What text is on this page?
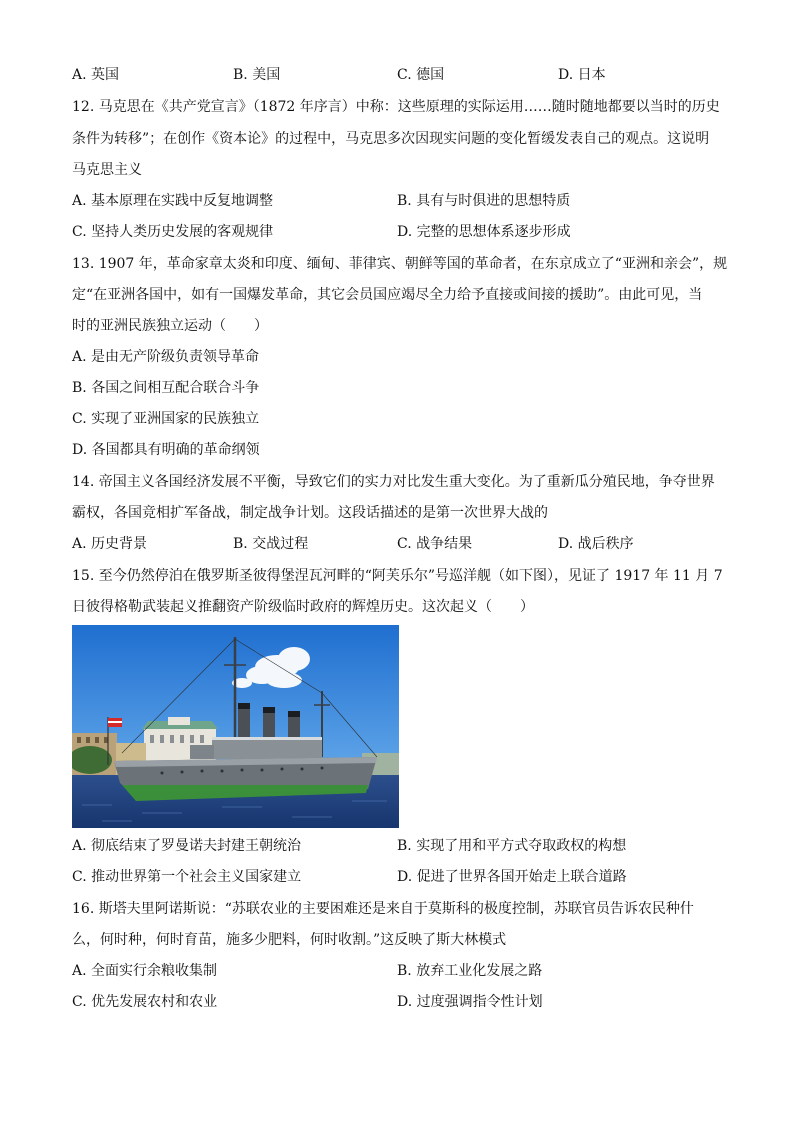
A. 英国	B. 美国	C. 德国	D. 日本
12. 马克思在《共产党宣言》（1872 年序言）中称：这些原理的实际运用……随时随地都要以当时的历史
条件为转移”；在创作《资本论》的过程中，马克思多次因现实问题的变化暂缓发表自己的观点。这说明
马克思主义
A. 基本原理在实践中反复地调整	B. 具有与时俱进的思想特质
C. 坚持人类历史发展的客观规律	D. 完整的思想体系逐步形成
13. 1907 年，革命家章太炎和印度、缅甸、菲律宾、朝鲜等国的革命者，在东京成立了“亚洲和亲会”，规
定“在亚洲各国中，如有一国爆发革命，其它会员国应竭尽全力给予直接或间接的援助”。由此可见，当
时的亚洲民族独立运动（　　）
A. 是由无产阶级负责领导革命
B. 各国之间相互配合联合斗争
C. 实现了亚洲国家的民族独立
D. 各国都具有明确的革命纲领
14. 帝国主义各国经济发展不平衡，导致它们的实力对比发生重大变化。为了重新瓜分殖民地，争夺世界
霸权，各国竞相扩军备战，制定战争计划。这段话描述的是第一次世界大战的
A. 历史背景	B. 交战过程	C. 战争结果	D. 战后秩序
15. 至今仍然停泊在俄罗斯圣彼得堡涅瓦河畔的“阿芙乐尔”号巡洋舰（如下图），见证了 1917 年 11 月 7
日彼得格勒武装起义推翻资产阶级临时政府的辉煌历史。这次起义（　　）
A. 彻底结束了罗曼诺夫封建王朝统治	B. 实现了用和平方式夺取政权的构想
C. 推动世界第一个社会主义国家建立	D. 促进了世界各国开始走上联合道路
16. 斯塔夫里阿诺斯说：“苏联农业的主要困难还是来自于莫斯科的极度控制，苏联官员告诉农民种什
么，何时种，何时育苗，施多少肥料，何时收割。”这反映了斯大林模式
A. 全面实行余粮收集制	B. 放弃工业化发展之路
C. 优先发展农村和农业	D. 过度强调指令性计划
